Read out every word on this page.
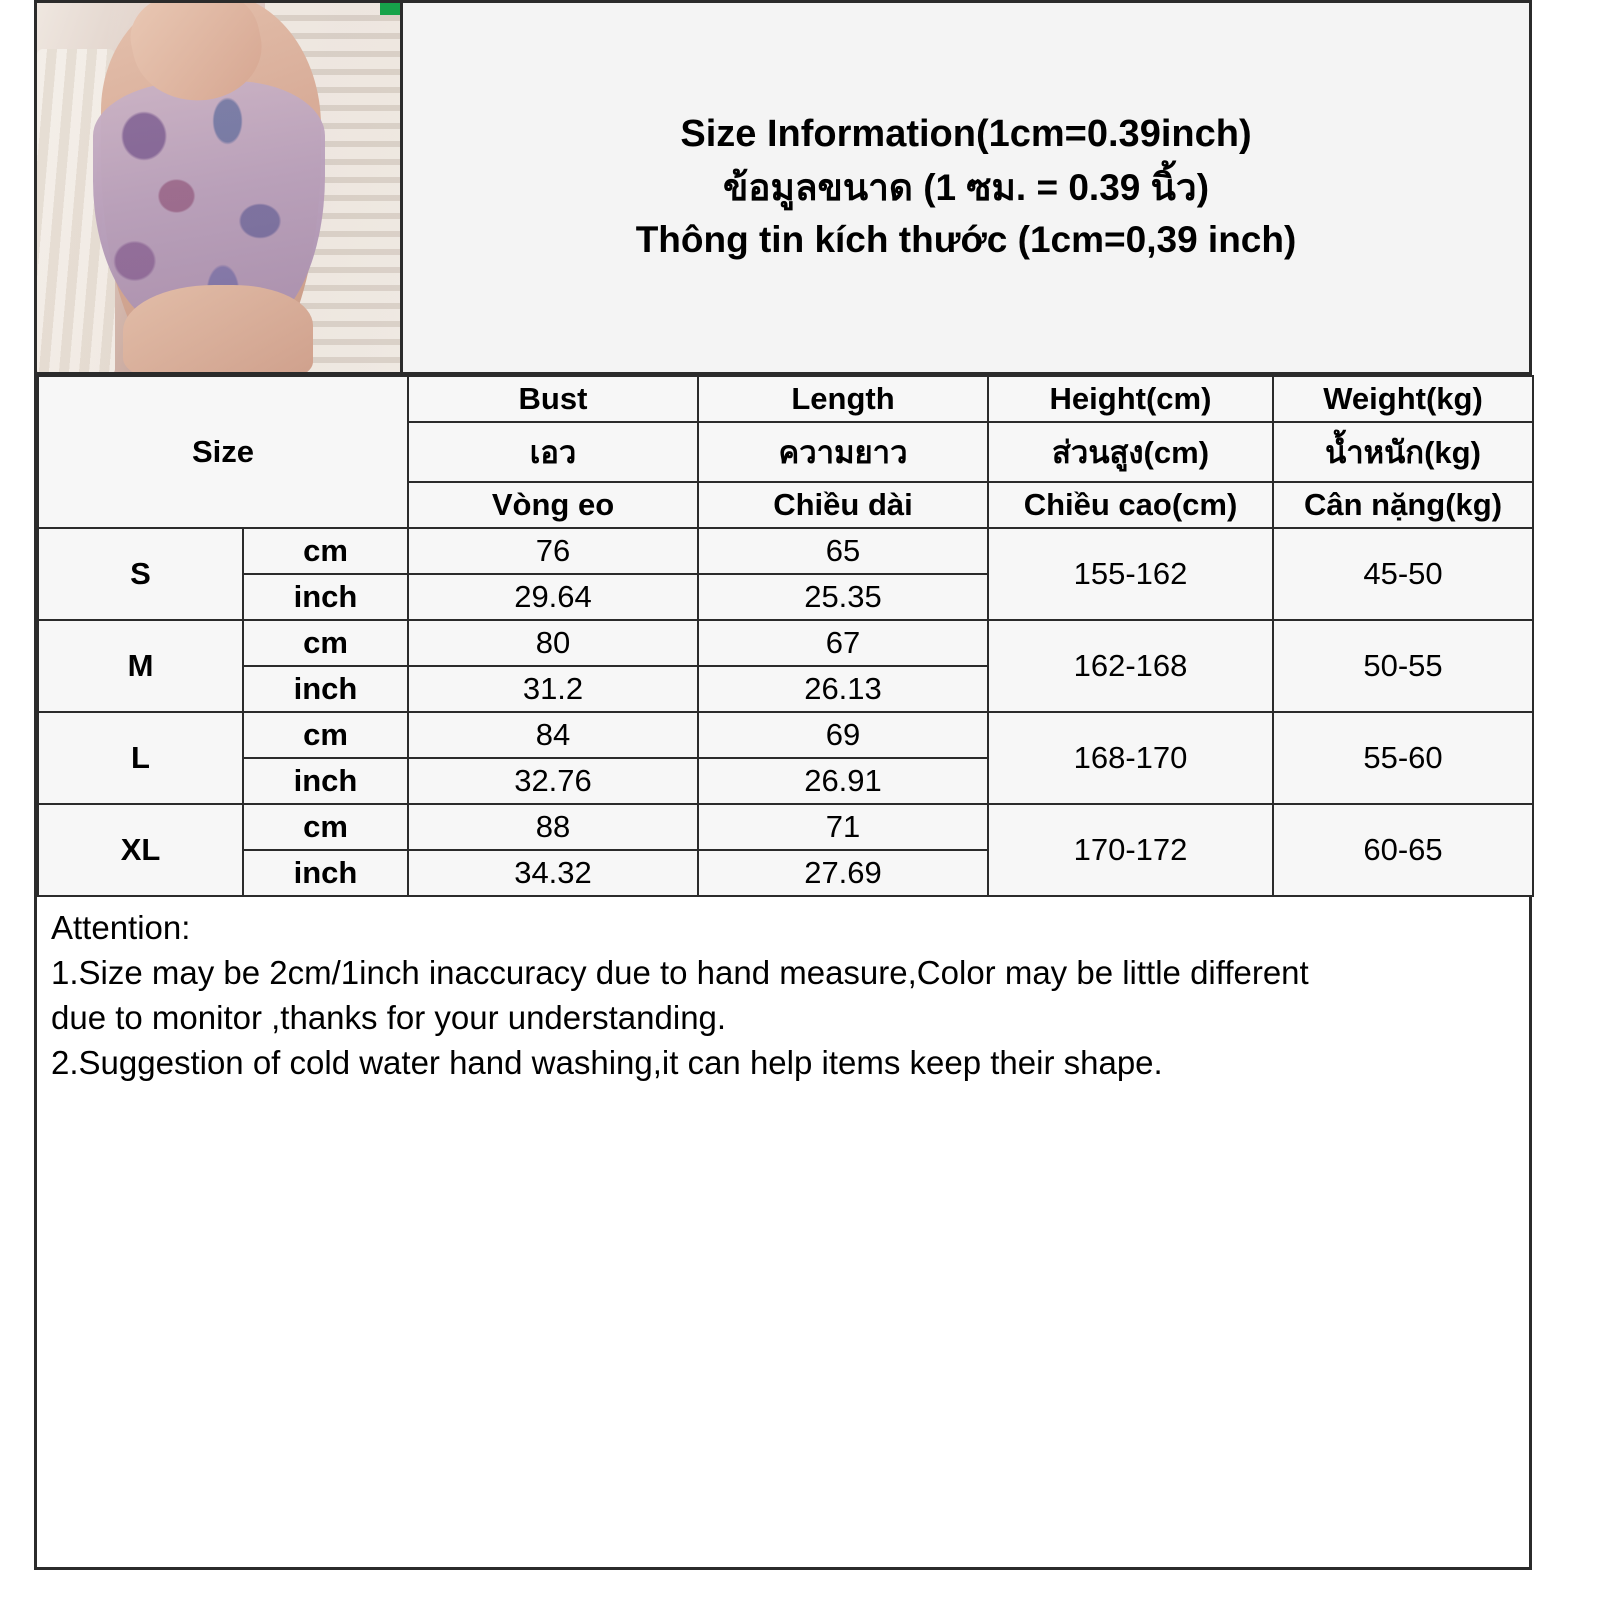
Size Information(1cm=0.39inch)
ข้อมูลขนาด (1 ซม. = 0.39 นิ้ว)
Thông tin kích thước (1cm=0,39 inch)
Size		Bust	Length	Height(cm)	Weight(kg)
		เอว	ความยาว	ส่วนสูง(cm)	น้ำหนัก(kg)
		Vòng eo	Chiều dài	Chiều cao(cm)	Cân nặng(kg)
S	cm	76	65	155-162	45-50
	inch	29.64	25.35		
M	cm	80	67	162-168	50-55
	inch	31.2	26.13		
L	cm	84	69	168-170	55-60
	inch	32.76	26.91		
XL	cm	88	71	170-172	60-65
	inch	34.32	27.69		
Attention:
1.Size may be 2cm/1inch inaccuracy due to hand measure,Color may be little different
due to monitor ,thanks for your understanding.
2.Suggestion of cold water hand washing,it can help items keep their shape.
